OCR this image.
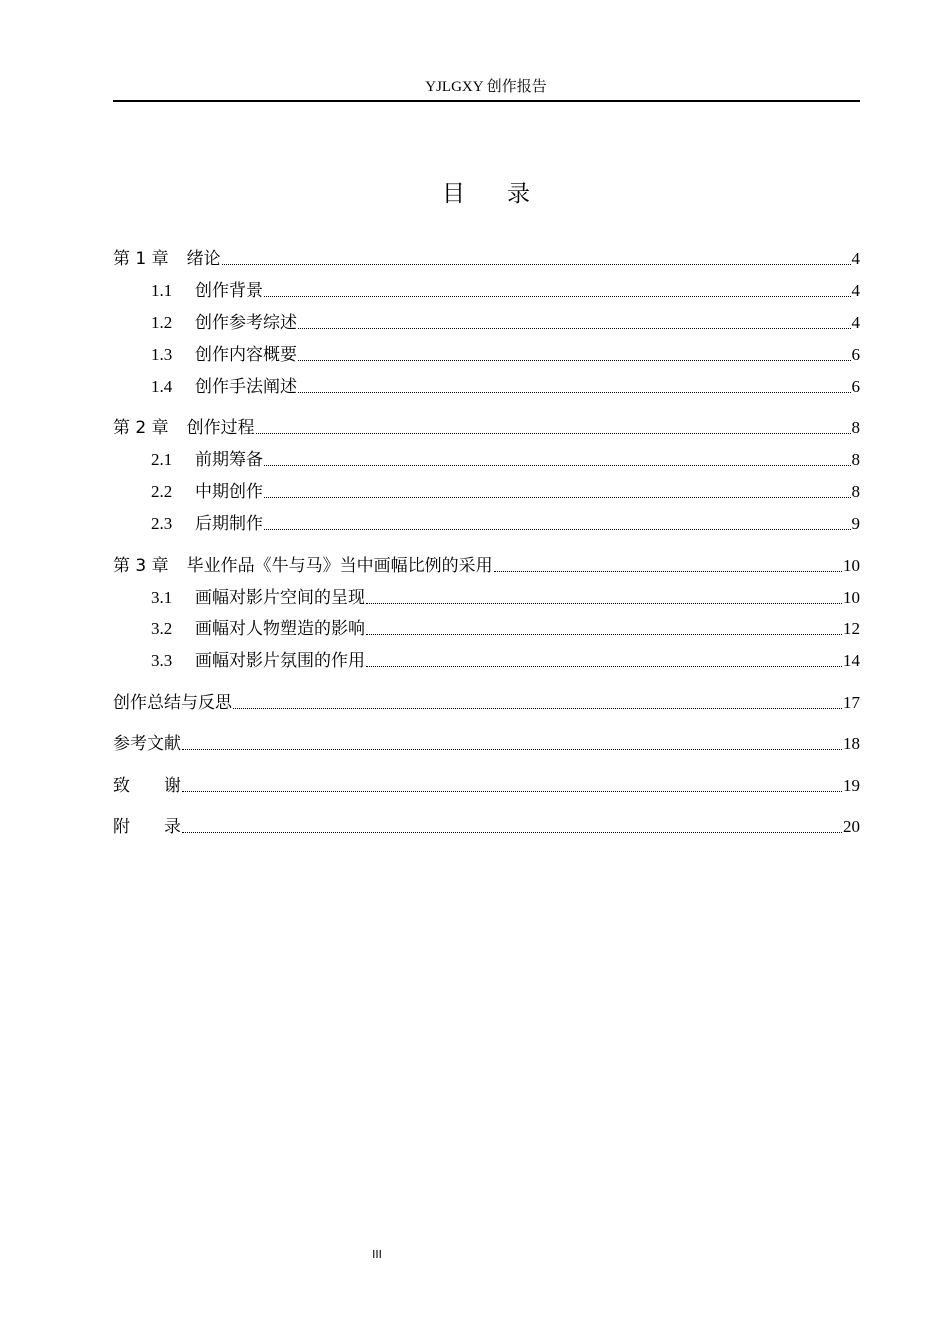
YJLGXY 创作报告
目 录
第 1 章 绪论	4
1.1	创作背景	4
1.2	创作参考综述	4
1.3	创作内容概要	6
1.4	创作手法阐述	6
第 2 章 创作过程	8
2.1	前期筹备	8
2.2	中期创作	8
2.3	后期制作	9
第 3 章 毕业作品《牛与马》当中画幅比例的采用	10
3.1	画幅对影片空间的呈现	10
3.2	画幅对人物塑造的影响	12
3.3	画幅对影片氛围的作用	14
创作总结与反思	17
参考文献	18
致　　谢	19
附　　录	20
III
